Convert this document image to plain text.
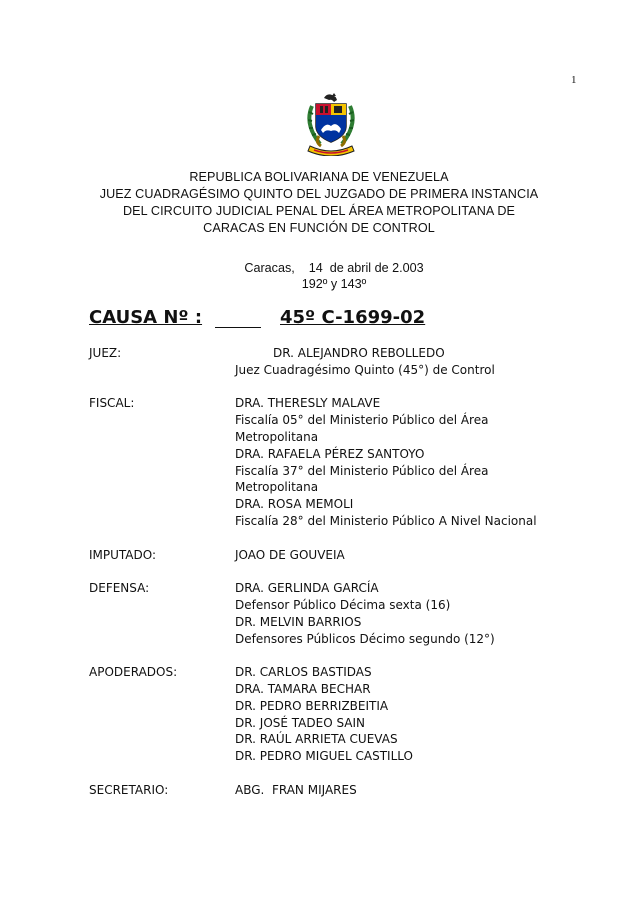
1
REPUBLICA BOLIVARIANA DE VENEZUELA
JUEZ CUADRAGÉSIMO QUINTO DEL JUZGADO DE PRIMERA INSTANCIA
DEL CIRCUITO JUDICIAL PENAL DEL ÁREA METROPOLITANA DE
CARACAS EN FUNCIÓN DE CONTROL
Caracas,    14  de abril de 2.003
192º y 143º
CAUSA Nº :	45º C-1699-02
JUEZ:	DR. ALEJANDRO REBOLLEDO
Juez Cuadragésimo Quinto (45°) de Control
FISCAL:	DRA. THERESLY MALAVE
Fiscalía 05° del Ministerio Público del Área
Metropolitana
DRA. RAFAELA PÉREZ SANTOYO
Fiscalía 37° del Ministerio Público del Área
Metropolitana
DRA. ROSA MEMOLI
Fiscalía 28° del Ministerio Público A Nivel Nacional
IMPUTADO:	JOAO DE GOUVEIA
DEFENSA:	DRA. GERLINDA GARCÍA
Defensor Público Décima sexta (16)
DR. MELVIN BARRIOS
Defensores Públicos Décimo segundo (12°)
APODERADOS:	DR. CARLOS BASTIDAS
DRA. TAMARA BECHAR
DR. PEDRO BERRIZBEITIA
DR. JOSÉ TADEO SAIN
DR. RAÚL ARRIETA CUEVAS
DR. PEDRO MIGUEL CASTILLO
SECRETARIO:	ABG.  FRAN MIJARES
